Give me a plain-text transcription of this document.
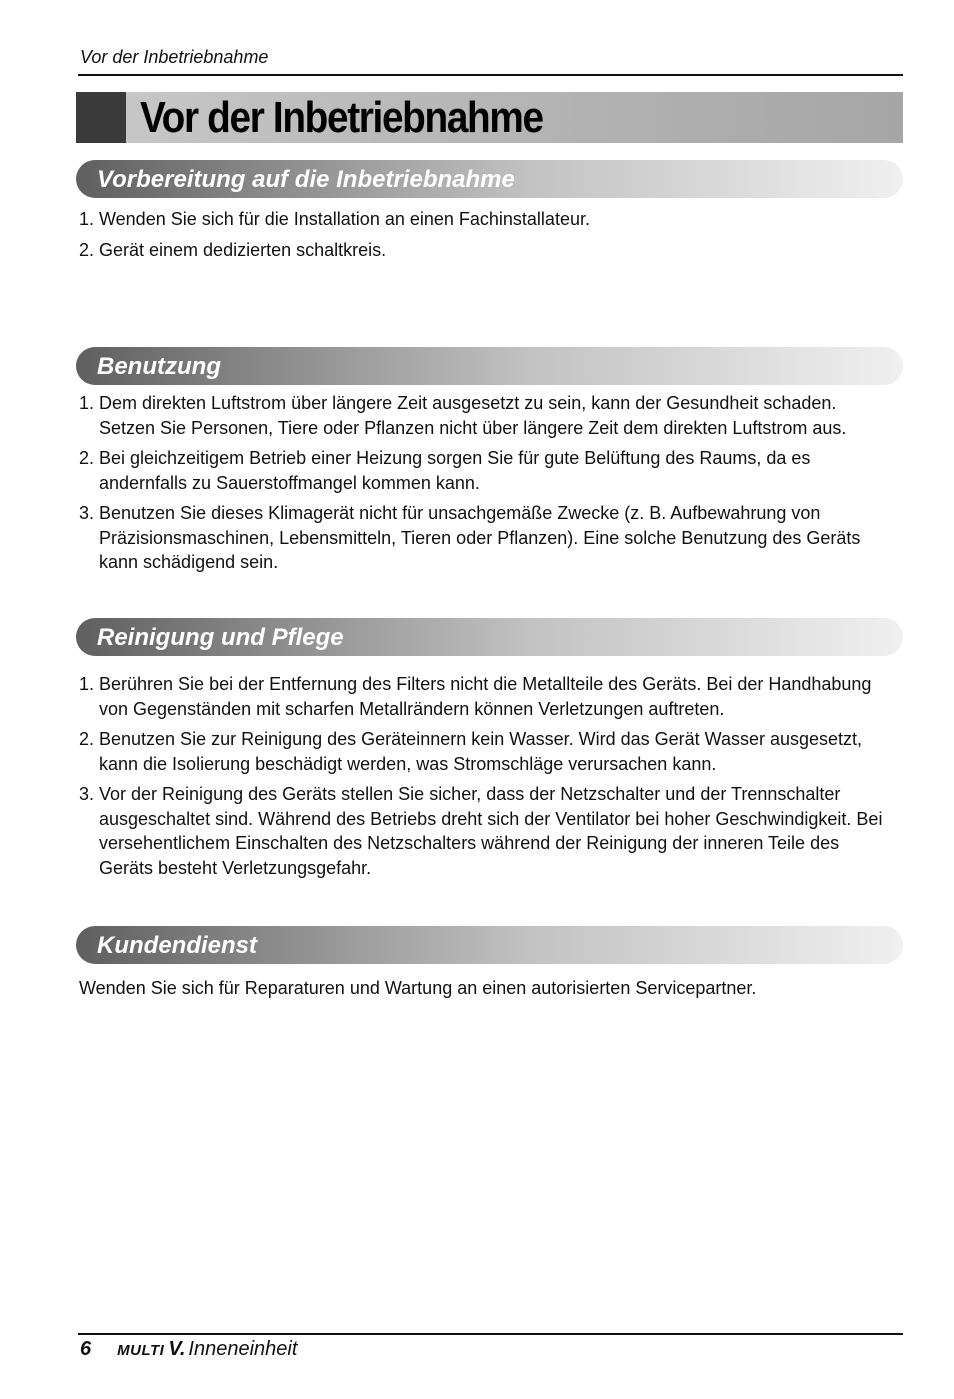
Vor der Inbetriebnahme
Vor der Inbetriebnahme
Vorbereitung auf die Inbetriebnahme
1. Wenden Sie sich für die Installation an einen Fachinstallateur.
2. Gerät einem dedizierten schaltkreis.
Benutzung
1. Dem direkten Luftstrom über längere Zeit ausgesetzt zu sein, kann der Gesundheit schaden. Setzen Sie Personen, Tiere oder Pflanzen nicht über längere Zeit dem direkten Luftstrom aus.
2. Bei gleichzeitigem Betrieb einer Heizung sorgen Sie für gute Belüftung des Raums, da es andernfalls zu Sauerstoffmangel kommen kann.
3. Benutzen Sie dieses Klimagerät nicht für unsachgemäße Zwecke (z. B. Aufbewahrung von Präzisionsmaschinen, Lebensmitteln, Tieren oder Pflanzen). Eine solche Benutzung des Geräts kann schädigend sein.
Reinigung und Pflege
1. Berühren Sie bei der Entfernung des Filters nicht die Metallteile des Geräts. Bei der Handhabung von Gegenständen mit scharfen Metallrändern können Verletzungen auftreten.
2. Benutzen Sie zur Reinigung des Geräteinnern kein Wasser. Wird das Gerät Wasser ausgesetzt, kann die Isolierung beschädigt werden, was Stromschläge verursachen kann.
3. Vor der Reinigung des Geräts stellen Sie sicher, dass der Netzschalter und der Trennschalter ausgeschaltet sind. Während des Betriebs dreht sich der Ventilator bei hoher Geschwindigkeit. Bei versehentlichem Einschalten des Netzschalters während der Reinigung der inneren Teile des Geräts besteht Verletzungsgefahr.
Kundendienst
Wenden Sie sich für Reparaturen und Wartung an einen autorisierten Servicepartner.
6 MULTI V. Inneneinheit
